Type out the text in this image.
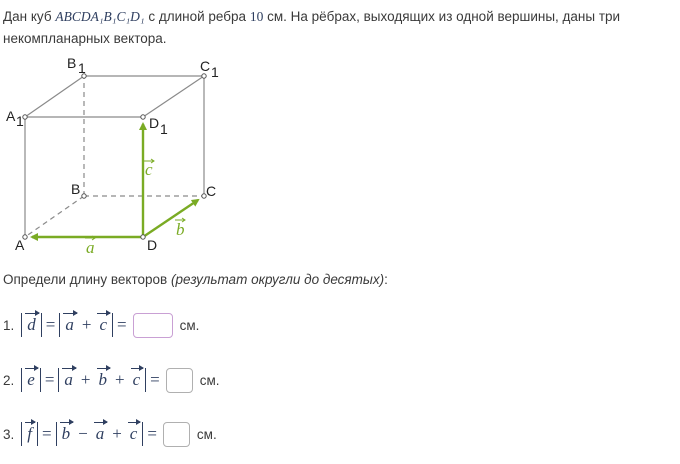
Дан куб ABCDA₁B₁C₁D₁ с длиной ребра 10 см. На рёбрах, выходящих из одной вершины, даны три некомпланарных вектора.
A
B	C
D
A 1
B 1	C 1
D 1
a
b
c
Определи длину векторов (результат округли до десятых):
1. d = a + c =	см.
2. e = a + b + c =	см.
3. f = b − a + c =	см.
